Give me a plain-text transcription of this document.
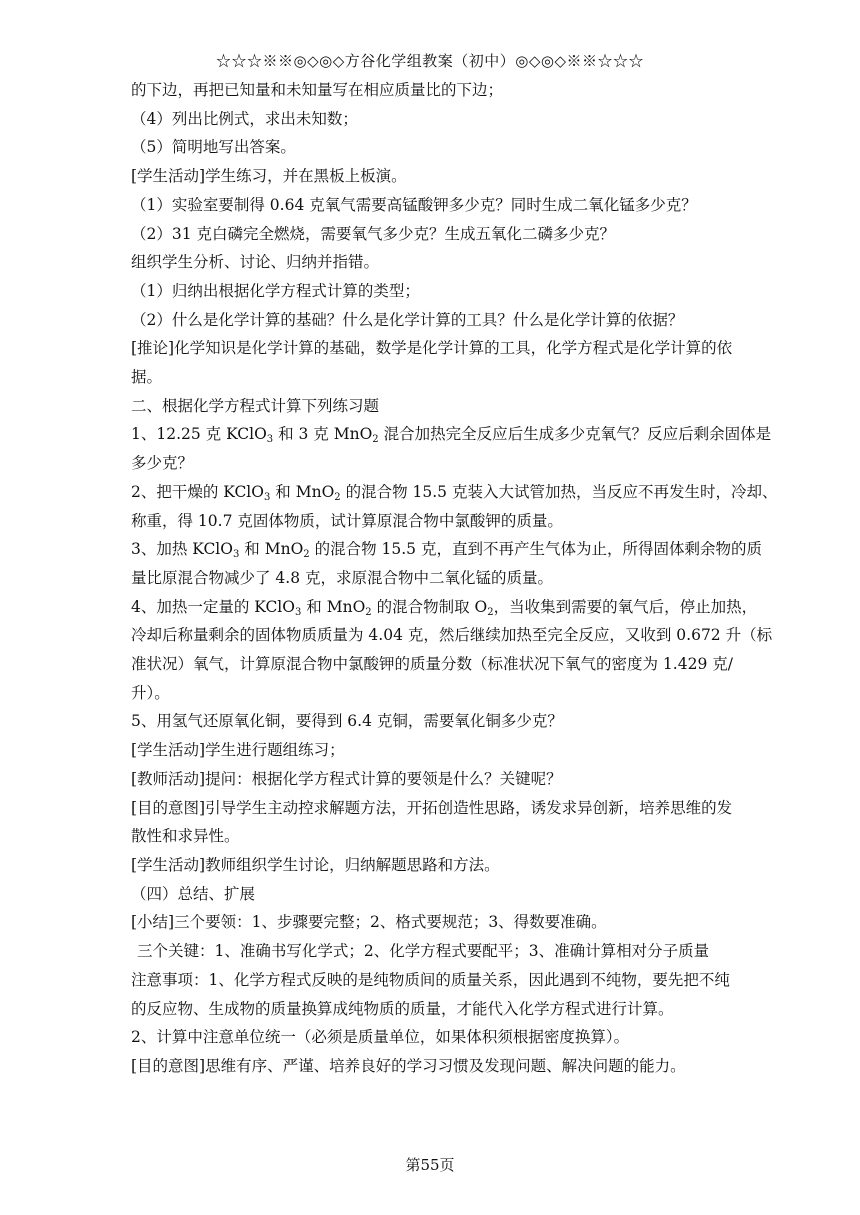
☆☆☆※※◎◇◎◇方谷化学组教案（初中）◎◇◎◇※※☆☆☆
的下边，再把已知量和未知量写在相应质量比的下边；
（4）列出比例式，求出未知数；
（5）简明地写出答案。
[学生活动]学生练习，并在黑板上板演。
（1）实验室要制得 0.64 克氧气需要高锰酸钾多少克？同时生成二氧化锰多少克？
（2）31 克白磷完全燃烧，需要氧气多少克？生成五氧化二磷多少克？
组织学生分析、讨论、归纳并指错。
（1）归纳出根据化学方程式计算的类型；
（2）什么是化学计算的基础？什么是化学计算的工具？什么是化学计算的依据？
[推论]化学知识是化学计算的基础，数学是化学计算的工具，化学方程式是化学计算的依
据。
二、根据化学方程式计算下列练习题
1、12.25 克 KClO$_3$ 和 3 克 MnO$_2$ 混合加热完全反应后生成多少克氧气？反应后剩余固体是
多少克？
2、把干燥的 KClO$_3$ 和 MnO$_2$ 的混合物 15.5 克装入大试管加热，当反应不再发生时，冷却、
称重，得 10.7 克固体物质，试计算原混合物中氯酸钾的质量。
3、加热 KClO$_3$ 和 MnO$_2$ 的混合物 15.5 克，直到不再产生气体为止，所得固体剩余物的质
量比原混合物减少了 4.8 克，求原混合物中二氧化锰的质量。
4、加热一定量的 KClO$_3$ 和 MnO$_2$ 的混合物制取 $O_2$，当收集到需要的氧气后，停止加热，
冷却后称量剩余的固体物质质量为 4.04 克，然后继续加热至完全反应，又收到 0.672 升（标
准状况）氧气，计算原混合物中氯酸钾的质量分数（标准状况下氧气的密度为 1.429 克/
升）。
5、用氢气还原氧化铜，要得到 6.4 克铜，需要氧化铜多少克？
[学生活动]学生进行题组练习；
[教师活动]提问：根据化学方程式计算的要领是什么？关键呢？
[目的意图]引导学生主动控求解题方法，开拓创造性思路，诱发求异创新，培养思维的发
散性和求异性。
[学生活动]教师组织学生讨论，归纳解题思路和方法。
（四）总结、扩展
[小结]三个要领：1、步骤要完整；2、格式要规范；3、得数要准确。
三个关键：1、准确书写化学式；2、化学方程式要配平；3、准确计算相对分子质量
注意事项：1、化学方程式反映的是纯物质间的质量关系，因此遇到不纯物，要先把不纯
的反应物、生成物的质量换算成纯物质的质量，才能代入化学方程式进行计算。
2、计算中注意单位统一（必须是质量单位，如果体积须根据密度换算）。
[目的意图]思维有序、严谨、培养良好的学习习惯及发现问题、解决问题的能力。
第55页
